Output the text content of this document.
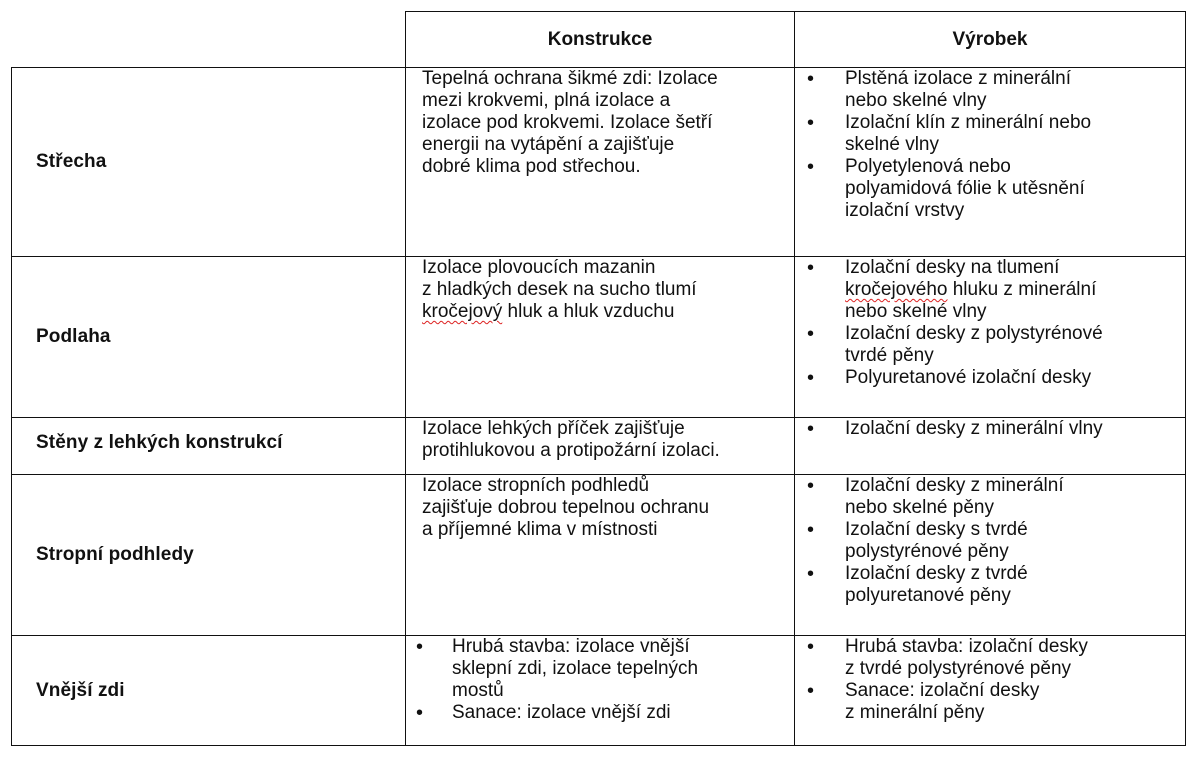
Konstrukce	Výrobek
Střecha
Tepelná ochrana šikmé zdi: Izolace
mezi krokvemi, plná izolace a
izolace pod krokvemi. Izolace šetří
energii na vytápění a zajišťuje
dobré klima pod střechou.
• Plstěná izolace z minerální
nebo skelné vlny
• Izolační klín z minerální nebo
skelné vlny
• Polyetylenová nebo
polyamidová fólie k utěsnění
izolační vrstvy
Podlaha
Izolace plovoucích mazanin
z hladkých desek na sucho tlumí
kročejový hluk a hluk vzduchu
• Izolační desky na tlumení
kročejového hluku z minerální
nebo skelné vlny
• Izolační desky z polystyrénové
tvrdé pěny
• Polyuretanové izolační desky
Stěny z lehkých konstrukcí
Izolace lehkých příček zajišťuje
protihlukovou a protipožární izolaci.
• Izolační desky z minerální vlny
Stropní podhledy
Izolace stropních podhledů
zajišťuje dobrou tepelnou ochranu
a příjemné klima v místnosti
• Izolační desky z minerální
nebo skelné pěny
• Izolační desky s tvrdé
polystyrénové pěny
• Izolační desky z tvrdé
polyuretanové pěny
Vnější zdi
• Hrubá stavba: izolace vnější
sklepní zdi, izolace tepelných
mostů
• Sanace: izolace vnější zdi
• Hrubá stavba: izolační desky
z tvrdé polystyrénové pěny
• Sanace: izolační desky
z minerální pěny
